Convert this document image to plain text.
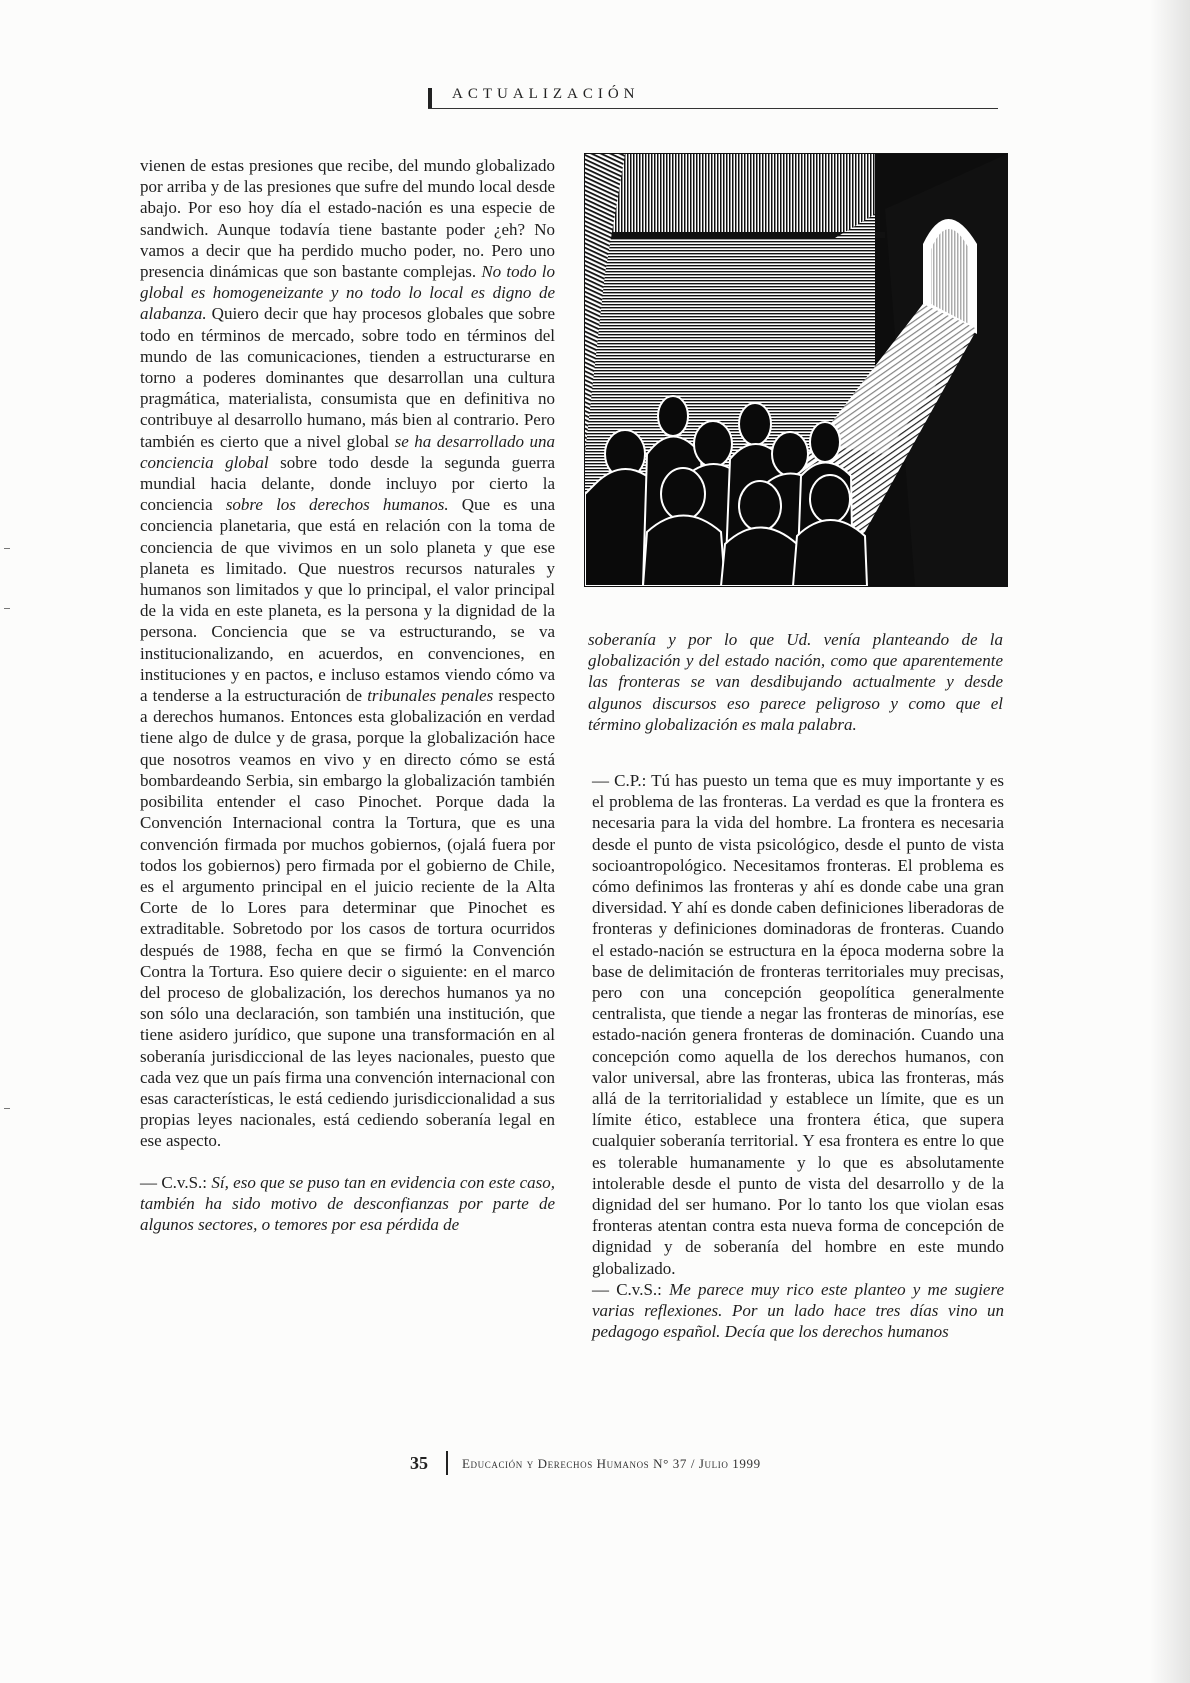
ACTUALIZACIÓN

vienen de estas presiones que recibe, del mundo globalizado por arriba y de las presiones que sufre del mundo local desde abajo. Por eso hoy día el estado-nación es una especie de sandwich. Aunque todavía tiene bastante poder ¿eh? No vamos a decir que ha perdido mucho poder, no. Pero uno presencia dinámicas que son bastante complejas. No todo lo global es homogeneizante y no todo lo local es digno de alabanza. Quiero decir que hay procesos globales que sobre todo en términos de mercado, sobre todo en términos del mundo de las comunicaciones, tienden a estructurarse en torno a poderes dominantes que desarrollan una cultura pragmática, materialista, consumista que en definitiva no contribuye al desarrollo humano, más bien al contrario. Pero también es cierto que a nivel global se ha desarrollado una conciencia global sobre todo desde la segunda guerra mundial hacia delante, donde incluyo por cierto la conciencia sobre los derechos humanos. Que es una conciencia planetaria, que está en relación con la toma de conciencia de que vivimos en un solo planeta y que ese planeta es limitado. Que nuestros recursos naturales y humanos son limitados y que lo principal, el valor principal de la vida en este planeta, es la persona y la dignidad de la persona. Conciencia que se va estructurando, se va institucionalizando, en acuerdos, en convenciones, en instituciones y en pactos, e incluso estamos viendo cómo va a tenderse a la estructuración de tribunales penales respecto a derechos humanos. Entonces esta globalización en verdad tiene algo de dulce y de grasa, porque la globalización hace que nosotros veamos en vivo y en directo cómo se está bombardeando Serbia, sin embargo la globalización también posibilita entender el caso Pinochet. Porque dada la Convención Internacional contra la Tortura, que es una convención firmada por muchos gobiernos, (ojalá fuera por todos los gobiernos) pero firmada por el gobierno de Chile, es el argumento principal en el juicio reciente de la Alta Corte de lo Lores para determinar que Pinochet es extraditable. Sobretodo por los casos de tortura ocurridos después de 1988, fecha en que se firmó la Convención Contra la Tortura. Eso quiere decir o siguiente: en el marco del proceso de globalización, los derechos humanos ya no son sólo una declaración, son también una institución, que tiene asidero jurídico, que supone una transformación en al soberanía jurisdiccional de las leyes nacionales, puesto que cada vez que un país firma una convención internacional con esas características, le está cediendo jurisdiccionalidad a sus propias leyes nacionales, está cediendo soberanía legal en ese aspecto.

— C.v.S.: Sí, eso que se puso tan en evidencia con este caso, también ha sido motivo de desconfianzas por parte de algunos sectores, o temores por esa pérdida de

soberanía y por lo que Ud. venía planteando de la globalización y del estado nación, como que aparentemente las fronteras se van desdibujando actualmente y desde algunos discursos eso parece peligroso y como que el término globalización es mala palabra.

— C.P.: Tú has puesto un tema que es muy importante y es el problema de las fronteras. La verdad es que la frontera es necesaria para la vida del hombre. La frontera es necesaria desde el punto de vista psicológico, desde el punto de vista socioantropológico. Necesitamos fronteras. El problema es cómo definimos las fronteras y ahí es donde cabe una gran diversidad. Y ahí es donde caben definiciones liberadoras de fronteras y definiciones dominadoras de fronteras. Cuando el estado-nación se estructura en la época moderna sobre la base de delimitación de fronteras territoriales muy precisas, pero con una concepción geopolítica generalmente centralista, que tiende a negar las fronteras de minorías, ese estado-nación genera fronteras de dominación. Cuando una concepción como aquella de los derechos humanos, con valor universal, abre las fronteras, ubica las fronteras, más allá de la territorialidad y establece un límite, que es un límite ético, establece una frontera ética, que supera cualquier soberanía territorial. Y esa frontera es entre lo que es tolerable humanamente y lo que es absolutamente intolerable desde el punto de vista del desarrollo y de la dignidad del ser humano. Por lo tanto los que violan esas fronteras atentan contra esta nueva forma de concepción de dignidad y de soberanía del hombre en este mundo globalizado.

— C.v.S.: Me parece muy rico este planteo y me sugiere varias reflexiones. Por un lado hace tres días vino un pedagogo español. Decía que los derechos humanos

35	Educación y Derechos Humanos N° 37 / Julio 1999
